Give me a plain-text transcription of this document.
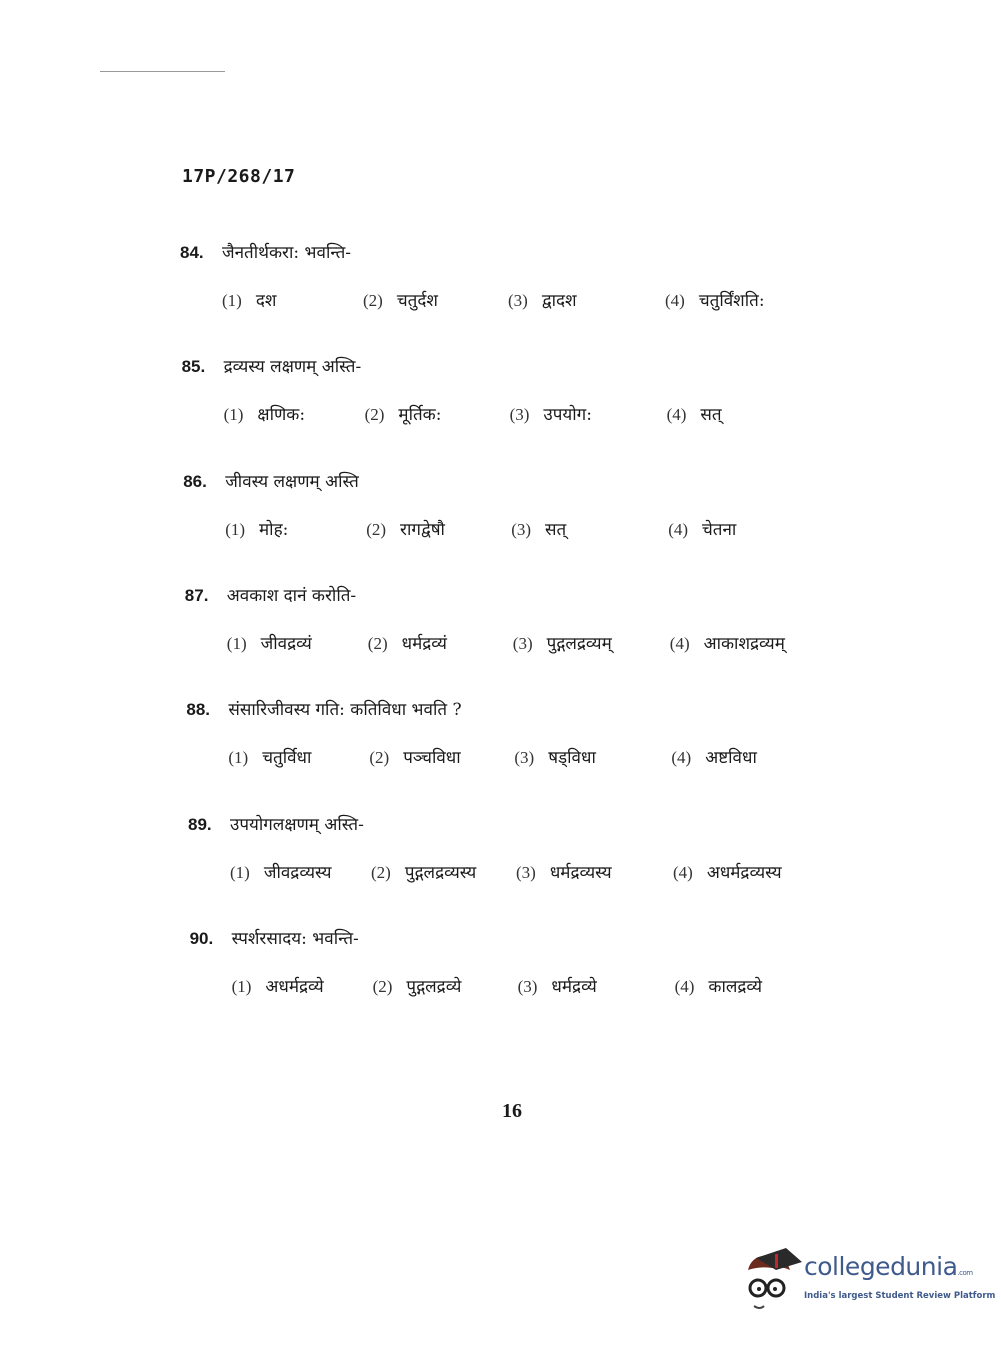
17P/268/17
84. जैनतीर्थकरा: भवन्ति-
(1) दश	(2) चतुर्दश	(3) द्वादश	(4) चतुर्विंशति:
85. द्रव्यस्य लक्षणम् अस्ति-
(1) क्षणिक:	(2) मूर्तिक:	(3) उपयोग:	(4) सत्
86. जीवस्य लक्षणम् अस्ति
(1) मोह:	(2) रागद्वेषौ	(3) सत्	(4) चेतना
87. अवकाश दानं करोति-
(1) जीवद्रव्यं	(2) धर्मद्रव्यं	(3) पुद्गलद्रव्यम्	(4) आकाशद्रव्यम्
88. संसारिजीवस्य गति: कतिविधा भवति ?
(1) चतुर्विधा	(2) पञ्चविधा	(3) षड्विधा	(4) अष्टविधा
89. उपयोगलक्षणम् अस्ति-
(1) जीवद्रव्यस्य (2) पुद्गलद्रव्यस्य (3) धर्मद्रव्यस्य	(4) अधर्मद्रव्यस्य
90. स्पर्शरसादय: भवन्ति-
(1) अधर्मद्रव्ये	(2) पुद्गलद्रव्ये	(3) धर्मद्रव्ये	(4) कालद्रव्ये
16
collegedunia.com
India's largest Student Review Platform
